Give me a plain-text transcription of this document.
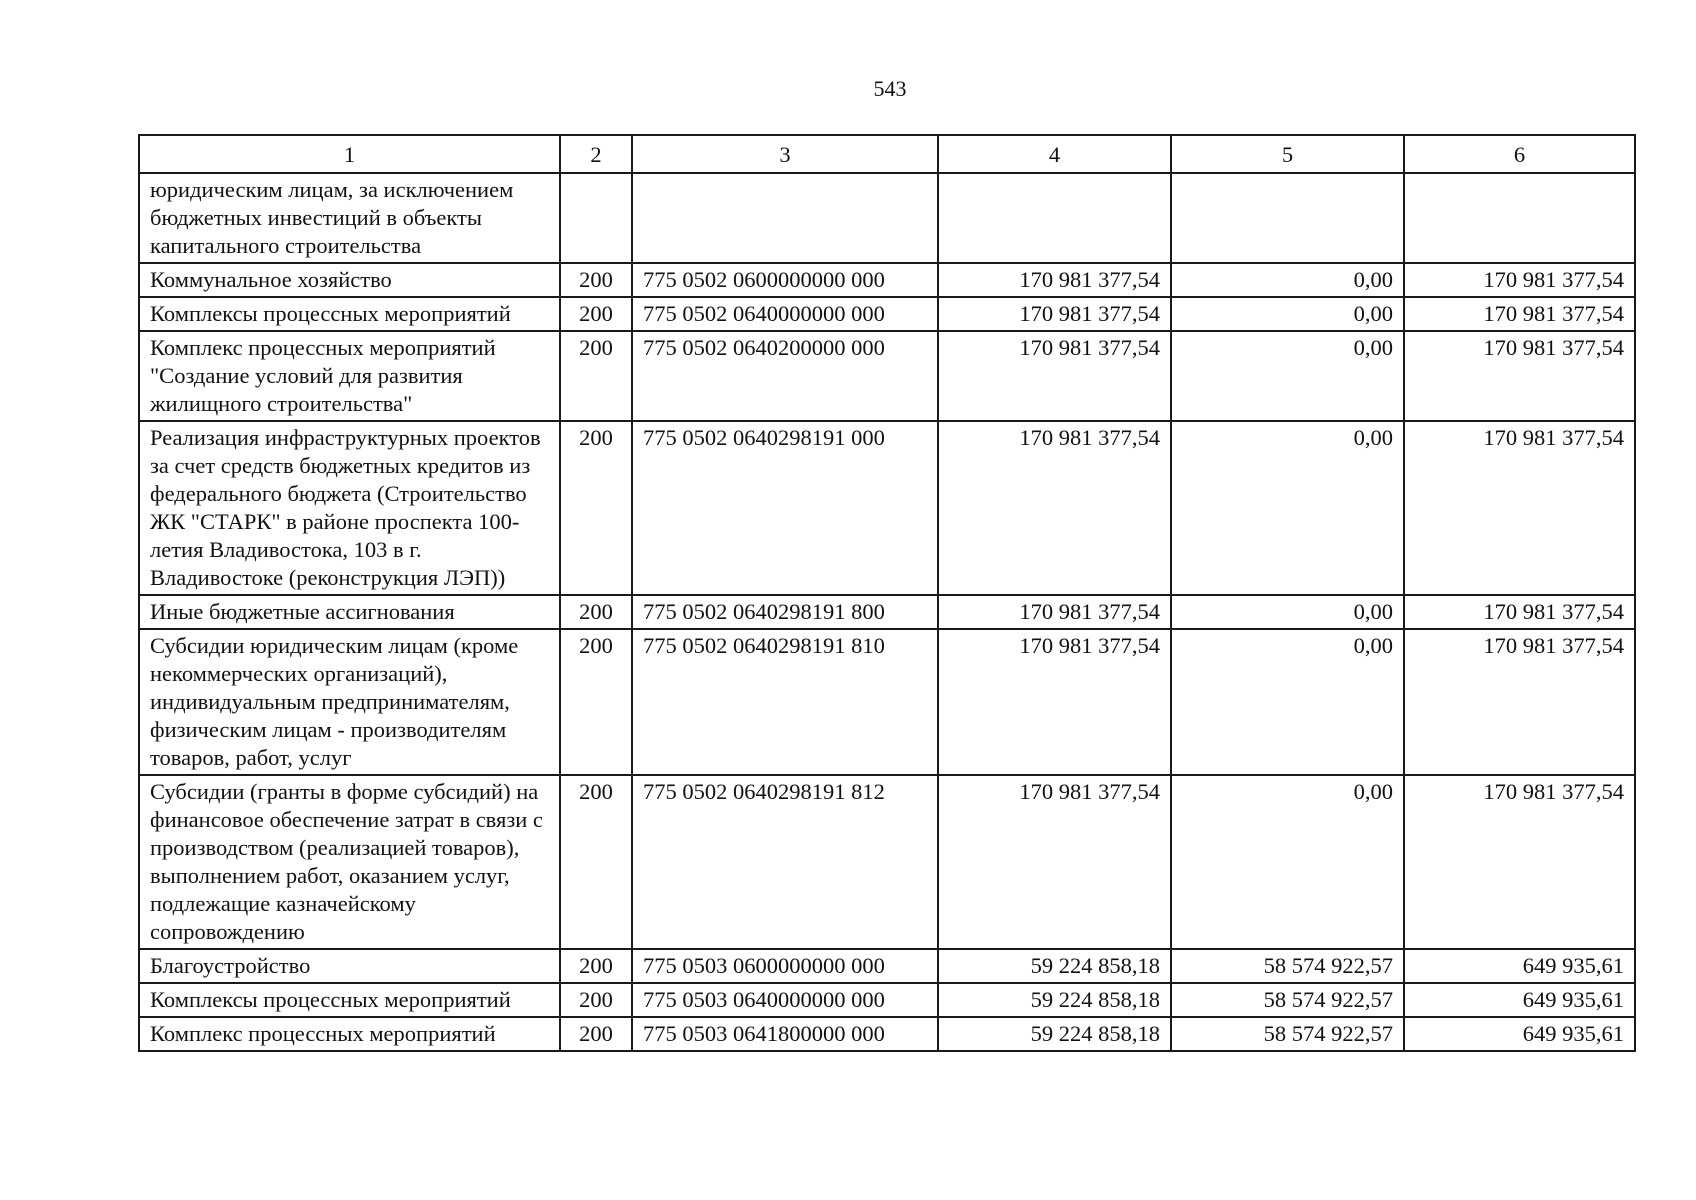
543
1	2	3	4	5	6
юридическим лицам, за исключением бюджетных инвестиций в объекты капитального строительства					
Коммунальное хозяйство	200	775 0502 0600000000 000	170 981 377,54	0,00	170 981 377,54
Комплексы процессных мероприятий	200	775 0502 0640000000 000	170 981 377,54	0,00	170 981 377,54
Комплекс процессных мероприятий "Создание условий для развития жилищного строительства"	200	775 0502 0640200000 000	170 981 377,54	0,00	170 981 377,54
Реализация инфраструктурных проектов за счет средств бюджетных кредитов из федерального бюджета (Строительство ЖК "СТАРК" в районе проспекта 100-летия Владивостока, 103 в г. Владивостоке (реконструкция ЛЭП))	200	775 0502 0640298191 000	170 981 377,54	0,00	170 981 377,54
Иные бюджетные ассигнования	200	775 0502 0640298191 800	170 981 377,54	0,00	170 981 377,54
Субсидии юридическим лицам (кроме некоммерческих организаций), индивидуальным предпринимателям, физическим лицам - производителям товаров, работ, услуг	200	775 0502 0640298191 810	170 981 377,54	0,00	170 981 377,54
Субсидии (гранты в форме субсидий) на финансовое обеспечение затрат в связи с производством (реализацией товаров), выполнением работ, оказанием услуг, подлежащие казначейскому сопровождению	200	775 0502 0640298191 812	170 981 377,54	0,00	170 981 377,54
Благоустройство	200	775 0503 0600000000 000	59 224 858,18	58 574 922,57	649 935,61
Комплексы процессных мероприятий	200	775 0503 0640000000 000	59 224 858,18	58 574 922,57	649 935,61
Комплекс процессных мероприятий	200	775 0503 0641800000 000	59 224 858,18	58 574 922,57	649 935,61
